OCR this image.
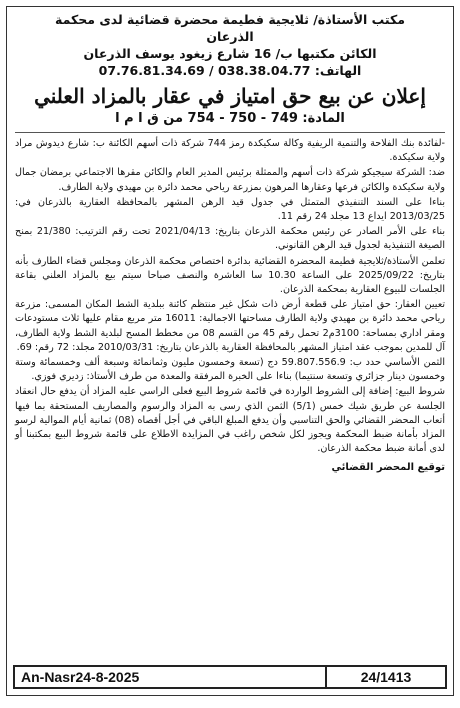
مكتب الأستاذة/ ثلايجية فطيمة محضرة قضائية لدى محكمة
الذرعان
الكائن مكتبها ب/ 16 شارع زيغود يوسف الذرعان
الهاتف: 038.38.04.77 / 07.76.81.34.69
إعلان عن بيع حق امتياز في عقار بالمزاد العلني
المادة: 749 - 750 - 754 من ق ا م ا

-لفائدة بنك الفلاحة والتنمية الريفية وكالة سكيكدة رمز 744 شركة ذات أسهم الكائنة ب: شارع ديدوش مراد ولاية سكيكدة.

ضد: الشركة سيجيكو شركة ذات أسهم والممثلة برئيس المدير العام والكائن مقرها الاجتماعي برمضان جمال ولاية سكيكدة والكائن فرعها وعقارها المرهون بمزرعة رياحي محمد دائرة بن مهيدي ولاية الطارف.

بناءا على السند التنفيذي المتمثل في جدول قيد الرهن المشهر بالمحافظة العقارية بالذرعان في: 2013/03/25 ايداع 13 مجلد 24 رقم 11.

بناء على الأمر الصادر عن رئيس محكمة الذرعان بتاريخ: 2021/04/13 تحت رقم الترتيب: 21/380 بمنح الصيغة التنفيذية لجدول قيد الرهن القانوني.

تعلمن الأستاذة/ثلايجية فطيمة المحضرة القضائية بدائرة اختصاص محكمة الذرعان ومجلس قضاء الطارف بأنه بتاريخ: 2025/09/22 على الساعة 10.30 سا العاشرة والنصف صباحا سيتم بيع بالمزاد العلني بقاعة الجلسات للبيوع العقارية بمحكمة الذرعان.

تعيين العقار: حق امتياز على قطعة أرض ذات شكل غير منتظم كائنة ببلدية الشط المكان المسمى: مزرعة رياحي محمد دائرة بن مهيدي ولاية الطارف مساحتها الاجمالية: 16011 متر مربع مقام عليها ثلاث مستودعات ومقر اداري بمساحة: 3100م2 تحمل رقم 45 من القسم 08 من مخطط المسح لبلدية الشط ولاية الطارف، آل للمدين بموجب عقد امتياز المشهر بالمحافظة العقارية بالذرعان بتاريخ: 2010/03/31 مجلد: 72 رقم: 69.

الثمن الأساسي حدد ب: 59.807.556.9 دج (تسعة وخمسون مليون وثمانمائة وسبعة ألف وخمسمائة وستة وخمسون دينار جزائري وتسعة سنتيما) بناءا على الخبرة المرفقة والمعدة من طرف الأستاذ: زديري فوزي.

شروط البيع: إضافة إلى الشروط الواردة في قائمة شروط البيع فعلى الراسي عليه المزاد أن يدفع حال انعقاد الجلسة عن طريق شيك خمس (5/1) الثمن الذي رسى به المزاد والرسوم والمصاريف المستحقة بما فيها أتعاب المحضر القضائي والحق التناسبي وأن يدفع المبلغ الباقي في أجل أقصاه (08) ثمانية أيام الموالية لرسو المزاد بأمانة ضبط المحكمة ويجوز لكل شخص راغب في المزايدة الاطلاع على قائمة شروط البيع بمكتبنا أو لدى أمانة ضبط محكمة الذرعان.

توقيع المحضر القضائي
An-Nasr24-8-2025	24/1413
